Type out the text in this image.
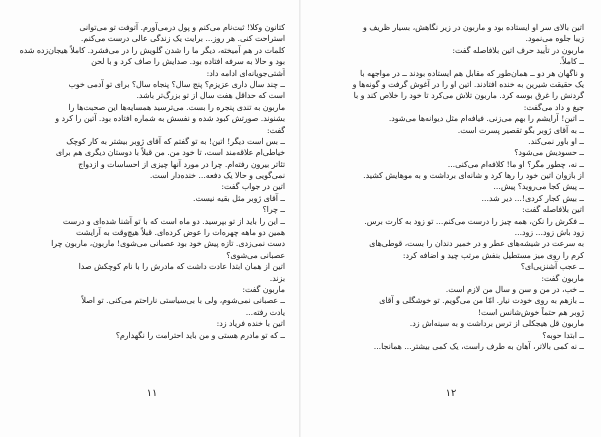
کتانون وکلا! ثبت‌نام می‌کنم و پول درمی‌آورم. آتوفت تو می‌توانی
استراحت کنی. هر روز... برایت یک زندگی عالی درست می‌کنم.
کلمات در هم آمیخته، دیگر ما را شدن گلویش را در می‌فشرد. کاملاً هیجان‌زده شده
بود و حالا به سرفه افتاده بود. صدایش را صاف کرد و با لحن
آشتی‌جویانه‌ای ادامه داد:
ــ چند سال داری عزیزم؟ پنج سال؟ پنجاه سال؟ برای تو آدمی خوب
است که حداقل هفت سال از تو بزرگ‌تر باشد.
ماربون به تندی پنجره را بست. می‌ترسید همسایه‌ها این صحبت‌ها را
بشنوند. صورتش کبود شده و نفسش به شماره افتاده بود. آتین را کرد و
گفت:
ــ بس است دیگر! اتین! به تو گفتم که آقای ژوبر بیشتر به کار کوچک
خیاطی‌ام علاقه‌مند است، تا خود من. من قبلاً با دوستان دیگری هم برای
تئاتر بیرون رفته‌ام. چرا در مورد آنها چیزی از احساسات و ازدواج
نمی‌گویی و حالا یک دفعه... خنده‌دار است.
اتین در جواب گفت:
ــ آقای ژوبر مثل بقیه نیست.
ــ چرا؟
ــ این را باید از تو بپرسید. دو ماه است که با تو آشنا شده‌ای و درست
همین دو ماهه چهره‌ات را عوض کرده‌ای. قبلاً هیچ‌وقت به آرایشت
دست نمی‌زدی. تازه پیش خود بود عصبانی می‌شوی! ماربون، ماربون چرا
عصبانی می‌شوی؟
اتین از همان ابتدا عادت داشت که مادرش را با نام کوچکش صدا
بزند.
ماربون گفت:
ــ عصبانی نمی‌شوم، ولی با بی‌سیاستی ناراحتم می‌کنی. تو اصلاً
یادت رفته...
اتین با خنده فریاد زد:
ــ که تو مادرم هستی و من باید احترامت را نگهدارم؟
۱۱
اتین بالای سر او ایستاده بود و ماربون در زیر نگاهش، بسیار ظریف و
زیبا جلوه می‌نمود.
ماربون در تأیید حرف اتین بلافاصله گفت:
ــ کاملاً.
و ناگهان هر دو ــ همان‌طور که مقابل هم ایستاده بودند ــ در مواجهه با
یک حقیقت شیرین به خنده افتادند. اتین او را در آغوش گرفت و گونه‌ها و
گردنش را غرق بوسه کرد. ماربون تلاش می‌کرد تا خود را خلاص کند و با
جیغ و داد می‌گفت:
ــ اتین! آرایشم را بهم می‌زنی. فیافه‌ام مثل دیوانه‌ها می‌شود.
ــ به آقای ژوبر بگو تقصیر پسرت است.
ــ او باور نمی‌کند.
ــ حسودیش می‌شود؟
ــ نه، چطور مگر؟ او ما! کلافه‌ام می‌کنی...
از بازوان اتین خود را رها کرد و شانه‌ای برداشت و به موهایش کشید.
ــ پیش کجا می‌روید؟ پیش...
ــ بیش کجار کردی!... دیر شد...
اتین بلافاصله گفت:
ــ فکرش را نکن، همه چیز را درست می‌کنم... تو زود به کارت برس.
زود باش زود... زود...
به سرعت در شیشه‌های عطر و در خمیر دندان را بست، قوطی‌های
کرم را روی میز مستطیل بنفش مرتب چید و اضافه کرد:
ــ عجب آشنزیی‌ای؟
ماربون گفت:
ــ خب، در من و سن و سال من لازم است.
ــ بازهم به روی خودت نیار. امّا من می‌گویم. تو خوشگلی و آقای
ژوبر هم حتماً خوش‌شانس است!
ماربون قل هیجکلی از ترس برداشت و به سینه‌اش زد.
ــ ابتدا حوبه؟
ــ نه کمی بالاتر، آهان به طرف راست، یک کمی بیشتر... همانجا...
۱۲
